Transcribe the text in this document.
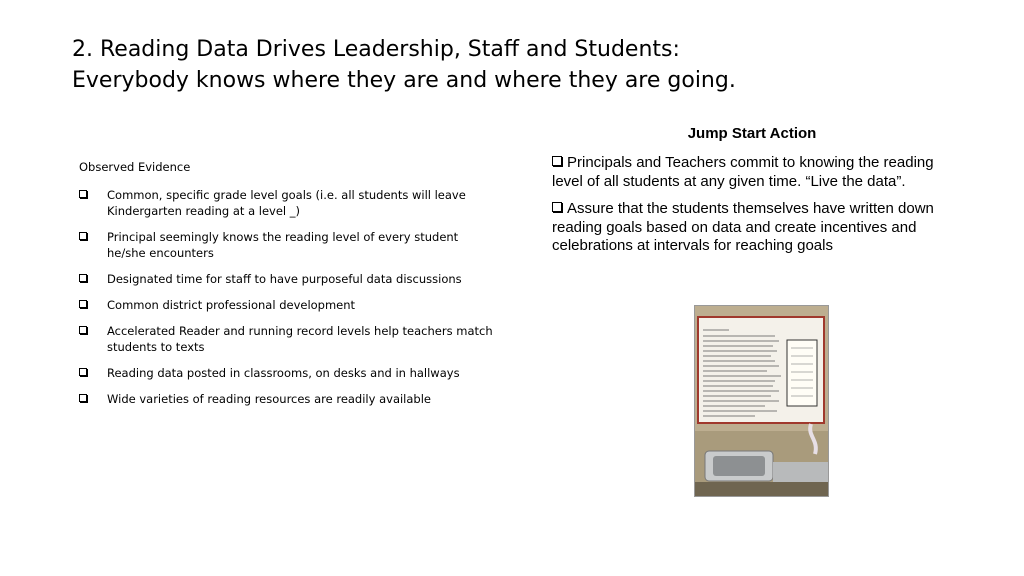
2. Reading Data Drives Leadership, Staff and Students:
Everybody knows where they are and where they are going.
Observed Evidence
Common, specific grade level goals (i.e. all students will leave Kindergarten reading at a level _)
Principal seemingly knows the reading level of every student he/she encounters
Designated time for staff to have purposeful data discussions
Common district professional development
Accelerated Reader and running record levels help teachers match students to texts
Reading data posted in classrooms, on desks and in hallways
Wide varieties of reading resources are readily available
Jump Start Action

Principals and Teachers commit to knowing the reading level of all students at any given time. “Live the data”.

Assure that the students themselves have written down reading goals based on data and create incentives and celebrations at intervals for reaching goals
